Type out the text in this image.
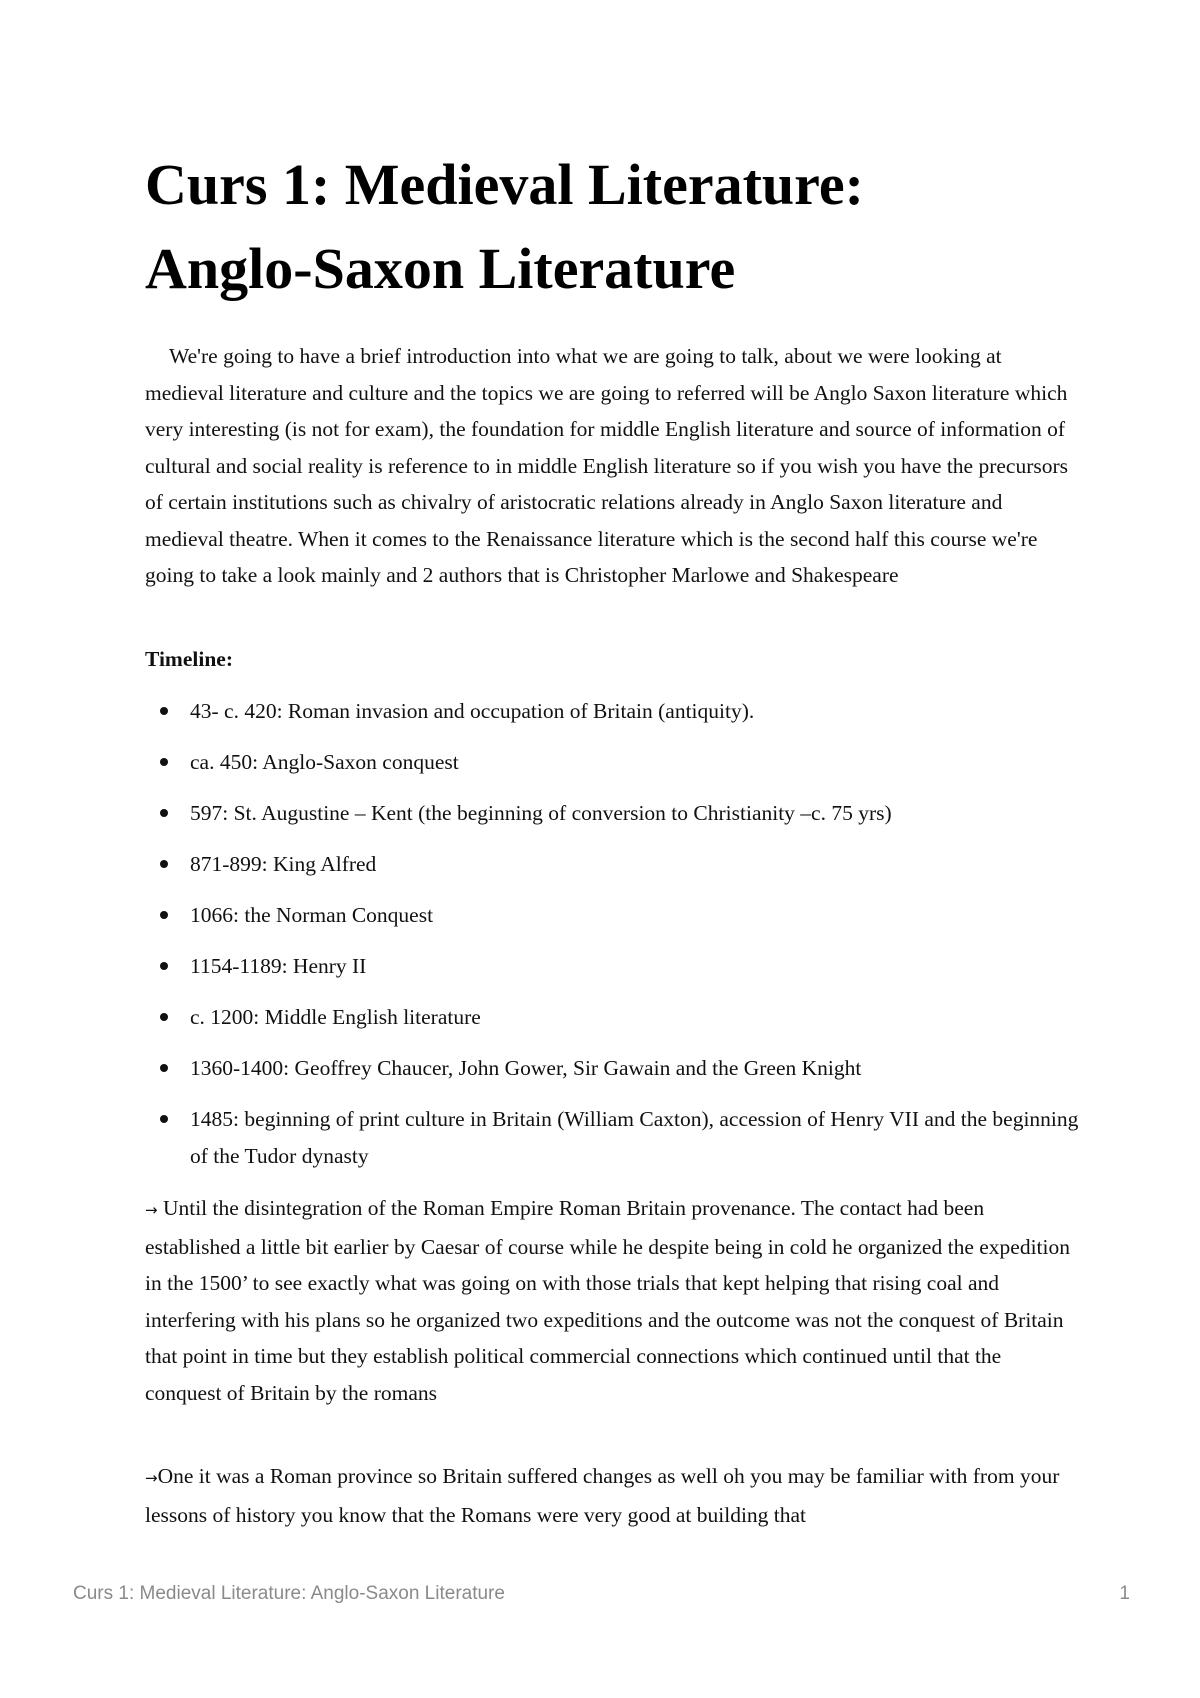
Curs 1: Medieval Literature:
Anglo-Saxon Literature

We're going to have a brief introduction into what we are going to talk, about we were looking at medieval literature and culture and the topics we are going to referred will be Anglo Saxon literature which very interesting (is not for exam), the foundation for middle English literature and source of information of cultural and social reality is reference to in middle English literature so if you wish you have the precursors of certain institutions such as chivalry of aristocratic relations already in Anglo Saxon literature and medieval theatre. When it comes to the Renaissance literature which is the second half this course we're going to take a look mainly and 2 authors that is Christopher Marlowe and Shakespeare

Timeline:

43- c. 420: Roman invasion and occupation of Britain (antiquity).
ca. 450: Anglo-Saxon conquest
597: St. Augustine – Kent (the beginning of conversion to Christianity –c. 75 yrs)
871-899: King Alfred
1066: the Norman Conquest
1154-1189: Henry II
c. 1200: Middle English literature
1360-1400: Geoffrey Chaucer, John Gower, Sir Gawain and the Green Knight
1485: beginning of print culture in Britain (William Caxton), accession of Henry VII and the beginning of the Tudor dynasty

→ Until the disintegration of the Roman Empire Roman Britain provenance. The contact had been established a little bit earlier by Caesar of course while he despite being in cold he organized the expedition in the 1500’ to see exactly what was going on with those trials that kept helping that rising coal and interfering with his plans so he organized two expeditions and the outcome was not the conquest of Britain that point in time but they establish political commercial connections which continued until that the conquest of Britain by the romans

→One it was a Roman province so Britain suffered changes as well oh you may be familiar with from your lessons of history you know that the Romans were very good at building that

Curs 1: Medieval Literature: Anglo-Saxon Literature	1
